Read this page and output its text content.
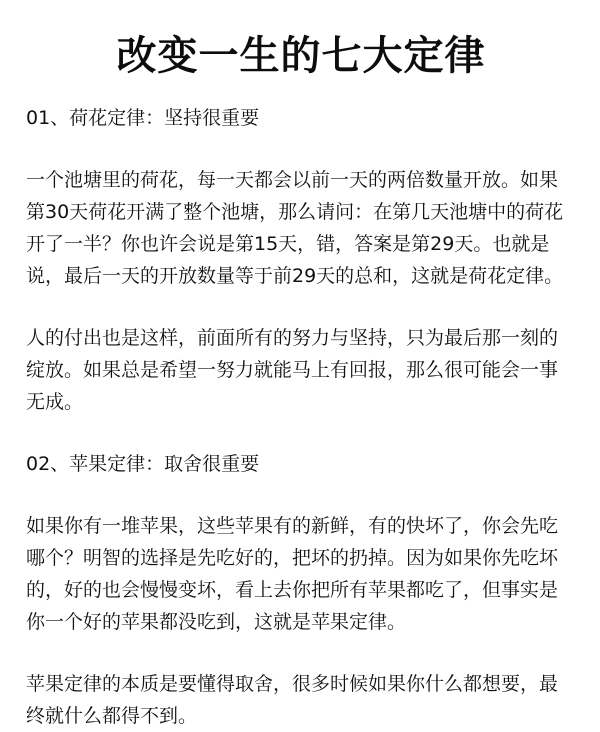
改变一生的七大定律

01、荷花定律：坚持很重要

一个池塘里的荷花，每一天都会以前一天的两倍数量开放。如果第30天荷花开满了整个池塘，那么请问：在第几天池塘中的荷花开了一半？你也许会说是第15天，错，答案是第29天。也就是说，最后一天的开放数量等于前29天的总和，这就是荷花定律。

人的付出也是这样，前面所有的努力与坚持，只为最后那一刻的绽放。如果总是希望一努力就能马上有回报，那么很可能会一事无成。

02、苹果定律：取舍很重要

如果你有一堆苹果，这些苹果有的新鲜，有的快坏了，你会先吃哪个？明智的选择是先吃好的，把坏的扔掉。因为如果你先吃坏的，好的也会慢慢变坏，看上去你把所有苹果都吃了，但事实是你一个好的苹果都没吃到，这就是苹果定律。

苹果定律的本质是要懂得取舍，很多时候如果你什么都想要，最终就什么都得不到。
